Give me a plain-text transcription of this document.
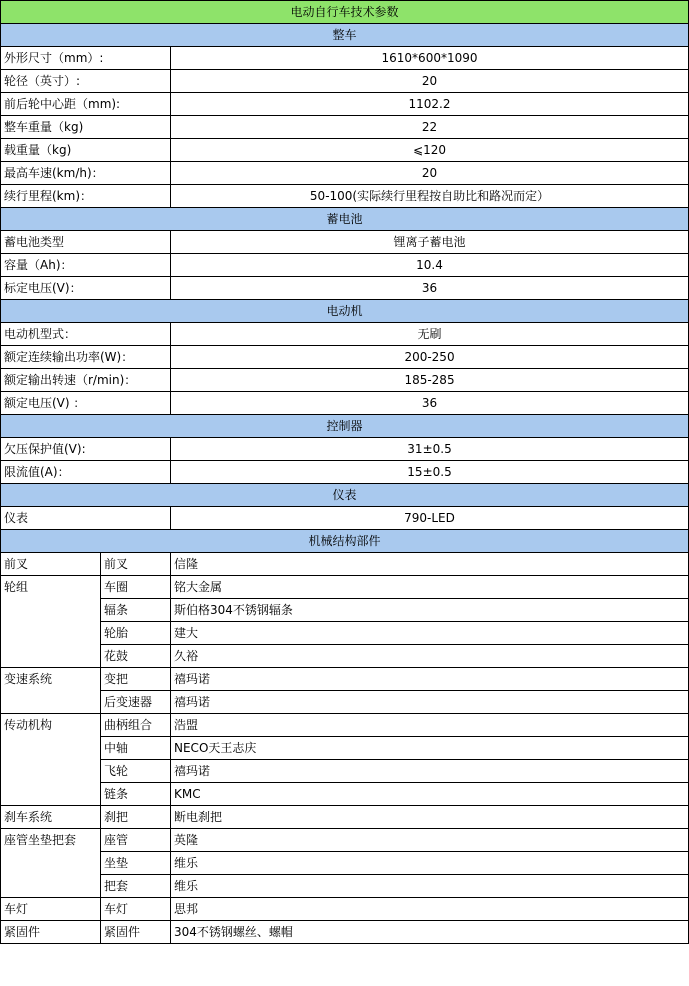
电动自行车技术参数		
整车		
外形尺寸（mm）:		1610*600*1090
轮径（英寸）:		20
前后轮中心距（mm):		1102.2
整车重量（kg)		22
载重量（kg)		⩽120
最高车速(km/h)：		20
续行里程(km)：		50-100(实际续行里程按自助比和路况而定）
蓄电池		
蓄电池类型		锂离子蓄电池
容量（Ah)：		10.4
标定电压(V)：		36
电动机		
电动机型式：		无刷
额定连续输出功率(W)：		200-250
额定输出转速（r/min)：		185-285
额定电压(V) ：		36
控制器		
欠压保护值(V):		31±0.5
限流值(A)：		15±0.5
仪表		
仪表		790-LED
机械结构部件		
前叉	前叉	信隆
轮组	车圈	铭大金属
	辐条	斯伯格304不锈钢辐条
	轮胎	建大
	花鼓	久裕
变速系统	变把	禧玛诺
	后变速器	禧玛诺
传动机构	曲柄组合	浩盟
	中轴	NECO天王志庆
	飞轮	禧玛诺
	链条	KMC
刹车系统	刹把	断电刹把
座管坐垫把套	座管	英隆
	坐垫	维乐
	把套	维乐
车灯	车灯	思邦
紧固件	紧固件	304不锈钢螺丝、螺帽
